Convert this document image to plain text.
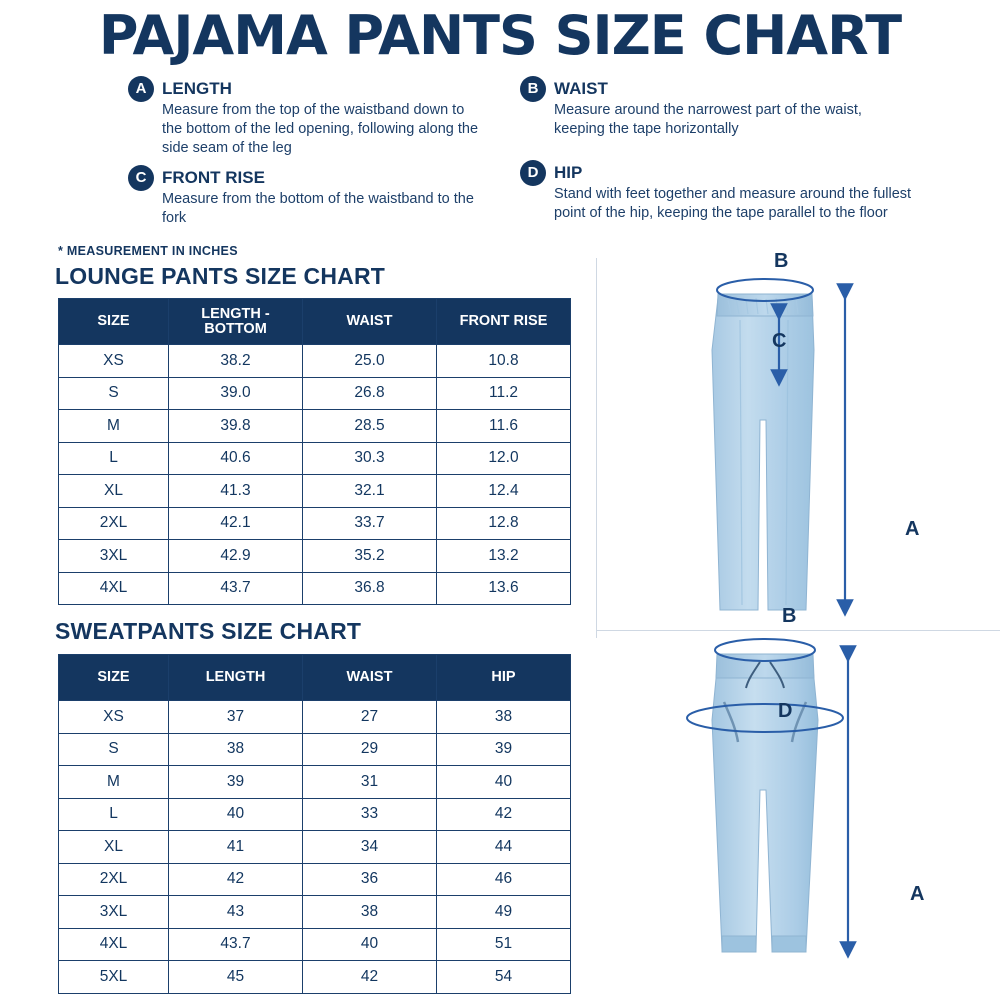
PAJAMA PANTS SIZE CHART
A LENGTH
Measure from the top of the waistband down to the bottom of the led opening, following along the side seam of the leg
B WAIST
Measure around the narrowest part of the waist, keeping the tape horizontally
C FRONT RISE
Measure from the bottom of the waistband to the fork
D HIP
Stand with feet together and measure around the fullest point of the hip, keeping the tape parallel to the floor
* MEASUREMENT IN INCHES
LOUNGE PANTS SIZE CHART
SIZE	LENGTH - BOTTOM	WAIST	FRONT RISE
XS	38.2	25.0	10.8
S	39.0	26.8	11.2
M	39.8	28.5	11.6
L	40.6	30.3	12.0
XL	41.3	32.1	12.4
2XL	42.1	33.7	12.8
3XL	42.9	35.2	13.2
4XL	43.7	36.8	13.6
SWEATPANTS SIZE CHART
SIZE	LENGTH	WAIST	HIP
XS	37	27	38
S	38	29	39
M	39	31	40
L	40	33	42
XL	41	34	44
2XL	42	36	46
3XL	43	38	49
4XL	43.7	40	51
5XL	45	42	54
B
C
A
B
D
A
